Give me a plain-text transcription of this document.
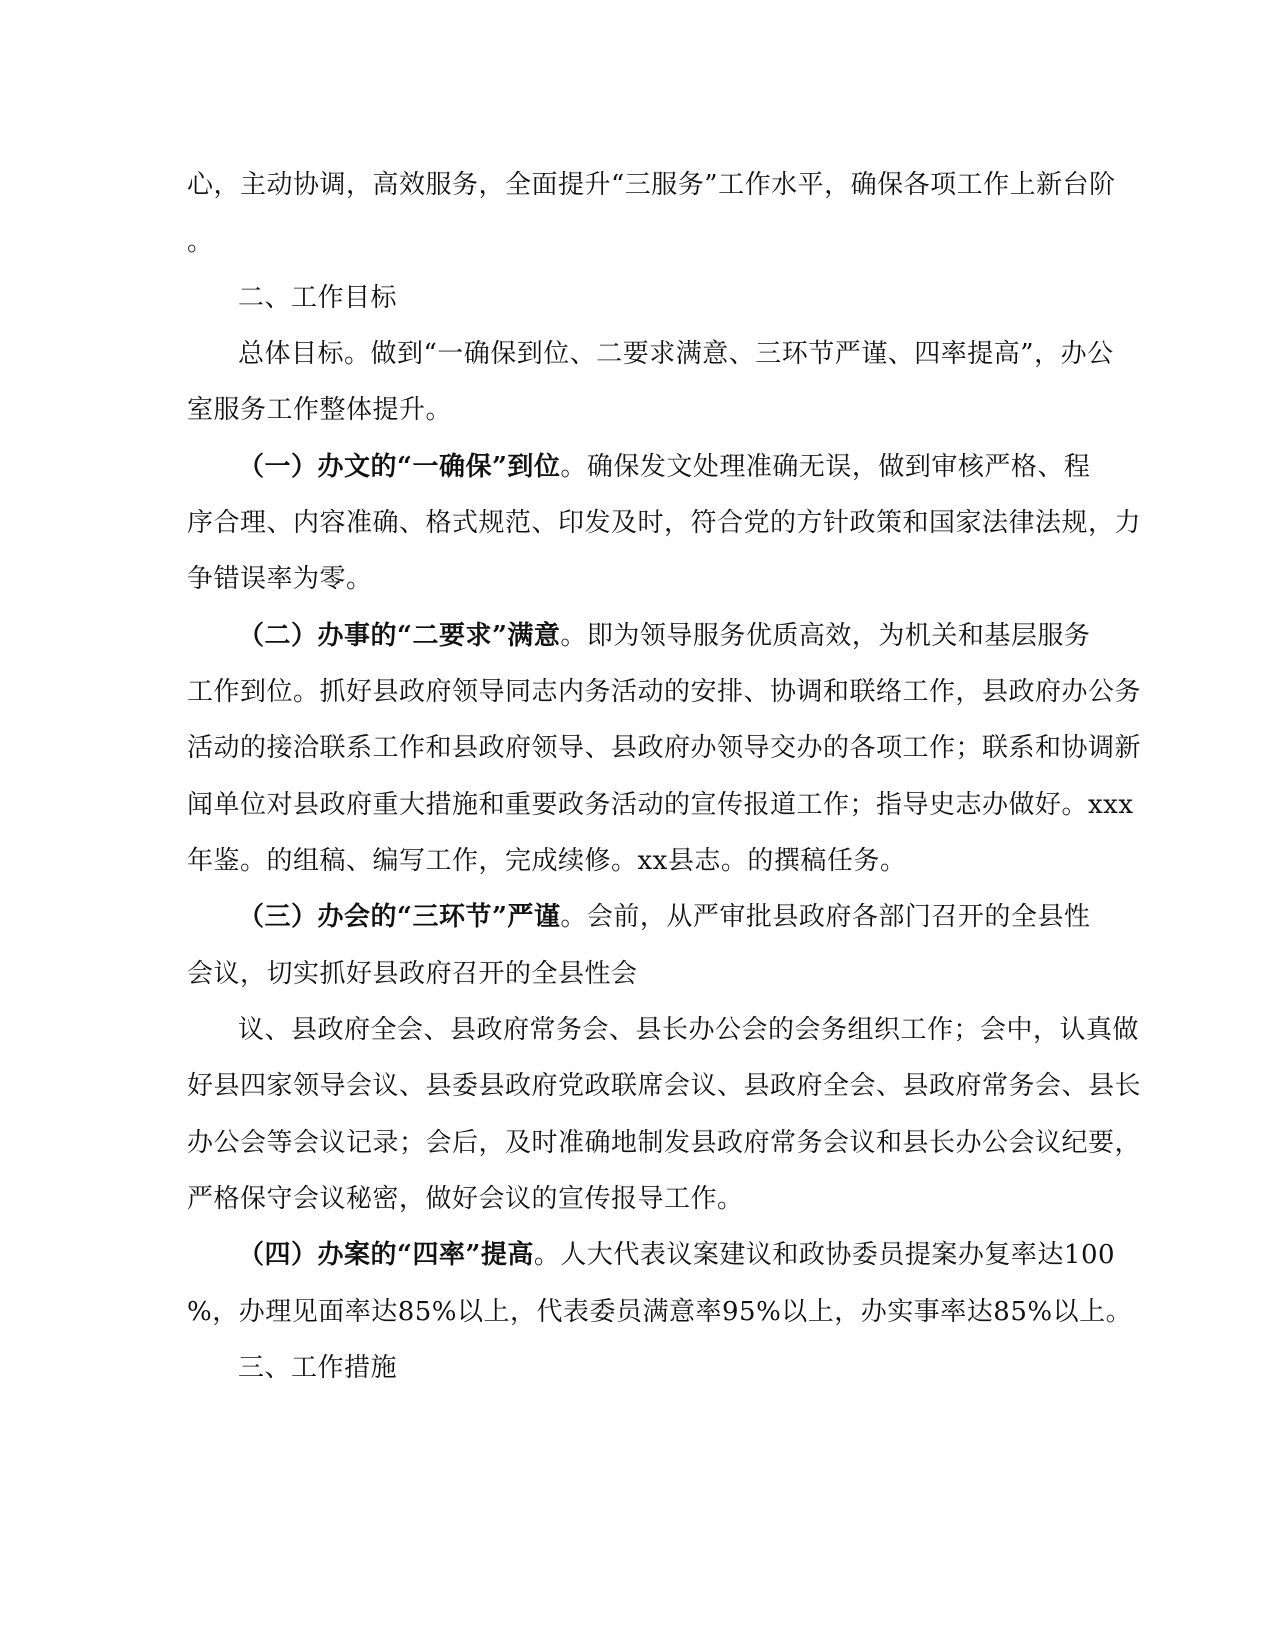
心，主动协调，高效服务，全面提升“三服务”工作水平，确保各项工作上新台阶
。
二、工作目标
总体目标。做到“一确保到位、二要求满意、三环节严谨、四率提高”，办公
室服务工作整体提升。
（一）办文的“一确保”到位。确保发文处理准确无误，做到审核严格、程
序合理、内容准确、格式规范、印发及时，符合党的方针政策和国家法律法规，力
争错误率为零。
（二）办事的“二要求”满意。即为领导服务优质高效，为机关和基层服务
工作到位。抓好县政府领导同志内务活动的安排、协调和联络工作，县政府办公务
活动的接洽联系工作和县政府领导、县政府办领导交办的各项工作；联系和协调新
闻单位对县政府重大措施和重要政务活动的宣传报道工作；指导史志办做好。xxx
年鉴。的组稿、编写工作，完成续修。xx县志。的撰稿任务。
（三）办会的“三环节”严谨。会前，从严审批县政府各部门召开的全县性
会议，切实抓好县政府召开的全县性会
议、县政府全会、县政府常务会、县长办公会的会务组织工作；会中，认真做
好县四家领导会议、县委县政府党政联席会议、县政府全会、县政府常务会、县长
办公会等会议记录；会后，及时准确地制发县政府常务会议和县长办公会议纪要，
严格保守会议秘密，做好会议的宣传报导工作。
（四）办案的“四率”提高。人大代表议案建议和政协委员提案办复率达100
%，办理见面率达85%以上，代表委员满意率95%以上，办实事率达85%以上。
三、工作措施
